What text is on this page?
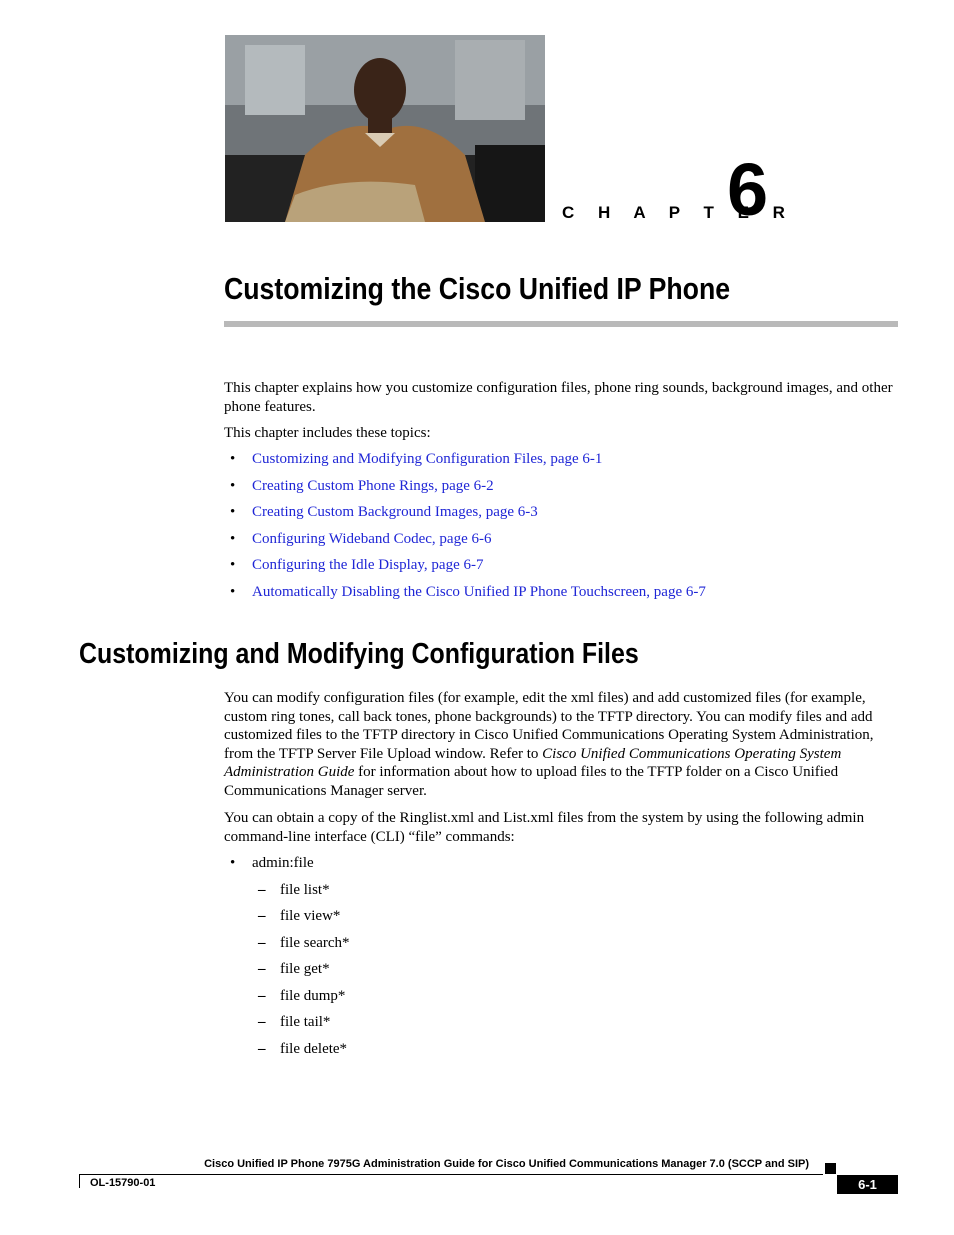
C H A P T E R
6
Customizing the Cisco Unified IP Phone

This chapter explains how you customize configuration files, phone ring sounds, background images, and other phone features.

This chapter includes these topics:

• Customizing and Modifying Configuration Files, page 6-1
• Creating Custom Phone Rings, page 6-2
• Creating Custom Background Images, page 6-3
• Configuring Wideband Codec, page 6-6
• Configuring the Idle Display, page 6-7
• Automatically Disabling the Cisco Unified IP Phone Touchscreen, page 6-7
Customizing and Modifying Configuration Files

You can modify configuration files (for example, edit the xml files) and add customized files (for example, custom ring tones, call back tones, phone backgrounds) to the TFTP directory. You can modify files and add customized files to the TFTP directory in Cisco Unified Communications Operating System Administration, from the TFTP Server File Upload window. Refer to Cisco Unified Communications Operating System Administration Guide for information about how to upload files to the TFTP folder on a Cisco Unified Communications Manager server.

You can obtain a copy of the Ringlist.xml and List.xml files from the system by using the following admin command-line interface (CLI) “file” commands:

• admin:file
– file list*
– file view*
– file search*
– file get*
– file dump*
– file tail*
– file delete*
Cisco Unified IP Phone 7975G Administration Guide for Cisco Unified Communications Manager 7.0 (SCCP and SIP)
OL-15790-01	6-1
